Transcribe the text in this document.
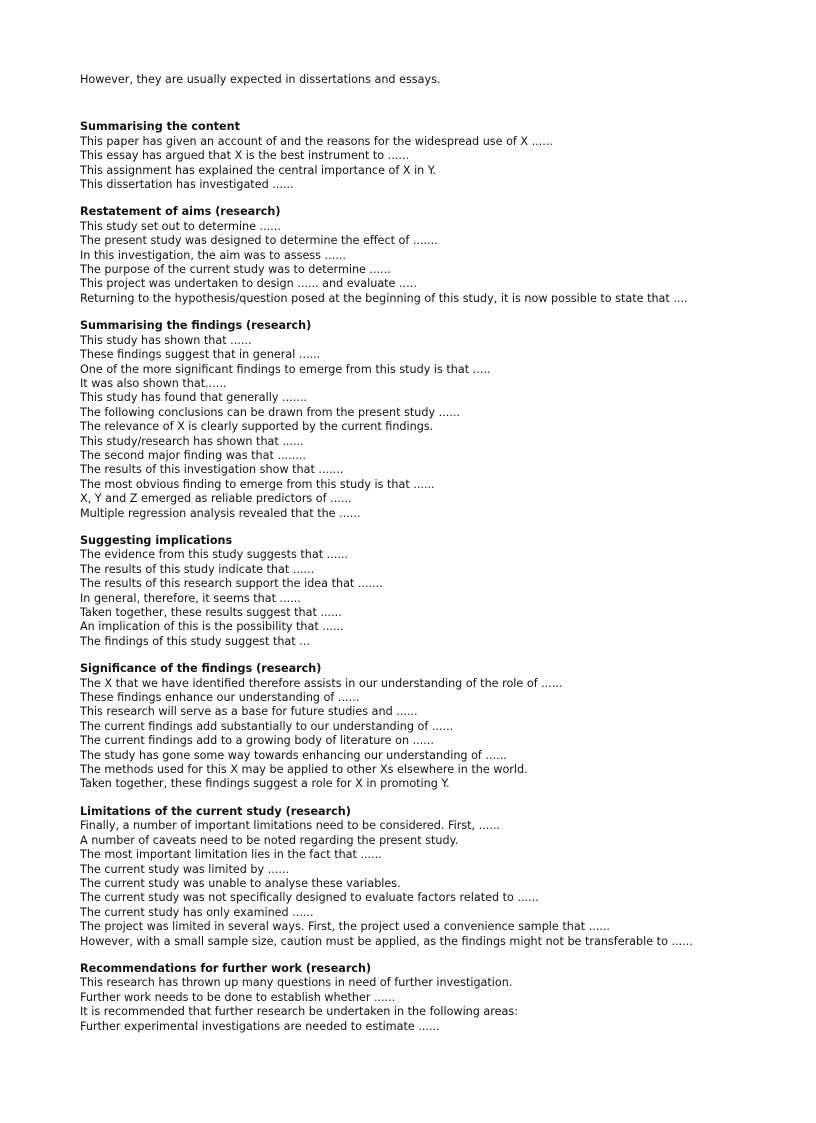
However, they are usually expected in dissertations and essays.
Summarising the content
This paper has given an account of and the reasons for the widespread use of X ......
This essay has argued that X is the best instrument to ......
This assignment has explained the central importance of X in Y.
This dissertation has investigated ......
Restatement of aims (research)
This study set out to determine ......
The present study was designed to determine the effect of .......
In this investigation, the aim was to assess ......
The purpose of the current study was to determine ......
This project was undertaken to design ...... and evaluate .....
Returning to the hypothesis/question posed at the beginning of this study, it is now possible to state that ....
Summarising the findings (research)
This study has shown that ......
These findings suggest that in general ......
One of the more significant findings to emerge from this study is that .....
It was also shown that......
This study has found that generally .......
The following conclusions can be drawn from the present study ......
The relevance of X is clearly supported by the current findings.
This study/research has shown that ......
The second major finding was that ........
The results of this investigation show that .......
The most obvious finding to emerge from this study is that ......
X, Y and Z emerged as reliable predictors of ......
Multiple regression analysis revealed that the ......
Suggesting implications
The evidence from this study suggests that ......
The results of this study indicate that ......
The results of this research support the idea that .......
In general, therefore, it seems that ......
Taken together, these results suggest that ......
An implication of this is the possibility that ......
The findings of this study suggest that ...
Significance of the findings (research)
The X that we have identified therefore assists in our understanding of the role of ......
These findings enhance our understanding of ......
This research will serve as a base for future studies and ......
The current findings add substantially to our understanding of ......
The current findings add to a growing body of literature on ......
The study has gone some way towards enhancing our understanding of ......
The methods used for this X may be applied to other Xs elsewhere in the world.
Taken together, these findings suggest a role for X in promoting Y.
Limitations of the current study (research)
Finally, a number of important limitations need to be considered. First, ......
A number of caveats need to be noted regarding the present study.
The most important limitation lies in the fact that ......
The current study was limited by ......
The current study was unable to analyse these variables.
The current study was not specifically designed to evaluate factors related to ......
The current study has only examined ......
The project was limited in several ways. First, the project used a convenience sample that ......
However, with a small sample size, caution must be applied, as the findings might not be transferable to ......
Recommendations for further work (research)
This research has thrown up many questions in need of further investigation.
Further work needs to be done to establish whether ......
It is recommended that further research be undertaken in the following areas:
Further experimental investigations are needed to estimate ......
